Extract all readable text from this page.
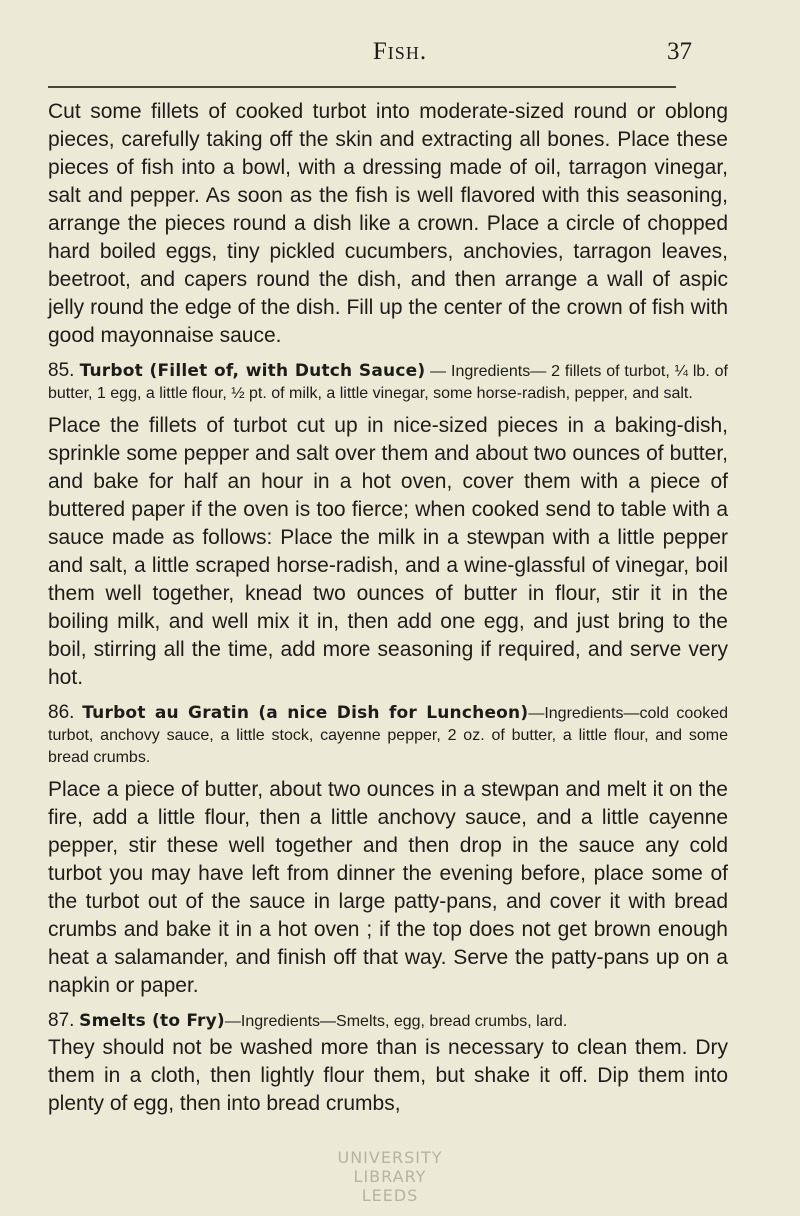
Fish.	37

Cut some fillets of cooked turbot into moderate-sized round or oblong pieces, carefully taking off the skin and extracting all bones. Place these pieces of fish into a bowl, with a dressing made of oil, tarragon vinegar, salt and pepper. As soon as the fish is well flavored with this seasoning, arrange the pieces round a dish like a crown. Place a circle of chopped hard boiled eggs, tiny pickled cucumbers, anchovies, tarragon leaves, beetroot, and capers round the dish, and then arrange a wall of aspic jelly round the edge of the dish. Fill up the center of the crown of fish with good mayonnaise sauce.

85. Turbot (Fillet of, with Dutch Sauce) — Ingredients— 2 fillets of turbot, ¼ lb. of butter, 1 egg, a little flour, ½ pt. of milk, a little vinegar, some horse-radish, pepper, and salt.

Place the fillets of turbot cut up in nice-sized pieces in a baking-dish, sprinkle some pepper and salt over them and about two ounces of butter, and bake for half an hour in a hot oven, cover them with a piece of buttered paper if the oven is too fierce; when cooked send to table with a sauce made as follows: Place the milk in a stewpan with a little pepper and salt, a little scraped horse-radish, and a wine-glassful of vinegar, boil them well together, knead two ounces of butter in flour, stir it in the boiling milk, and well mix it in, then add one egg, and just bring to the boil, stirring all the time, add more seasoning if required, and serve very hot.

86. Turbot au Gratin (a nice Dish for Luncheon)—Ingredients—cold cooked turbot, anchovy sauce, a little stock, cayenne pepper, 2 oz. of butter, a little flour, and some bread crumbs.

Place a piece of butter, about two ounces in a stewpan and melt it on the fire, add a little flour, then a little anchovy sauce, and a little cayenne pepper, stir these well together and then drop in the sauce any cold turbot you may have left from dinner the evening before, place some of the turbot out of the sauce in large patty-pans, and cover it with bread crumbs and bake it in a hot oven ; if the top does not get brown enough heat a salamander, and finish off that way. Serve the patty-pans up on a napkin or paper.

87. Smelts (to Fry)—Ingredients—Smelts, egg, bread crumbs, lard.

They should not be washed more than is necessary to clean them. Dry them in a cloth, then lightly flour them, but shake it off. Dip them into plenty of egg, then into bread crumbs,

UNIVERSITY
LIBRARY
LEEDS
